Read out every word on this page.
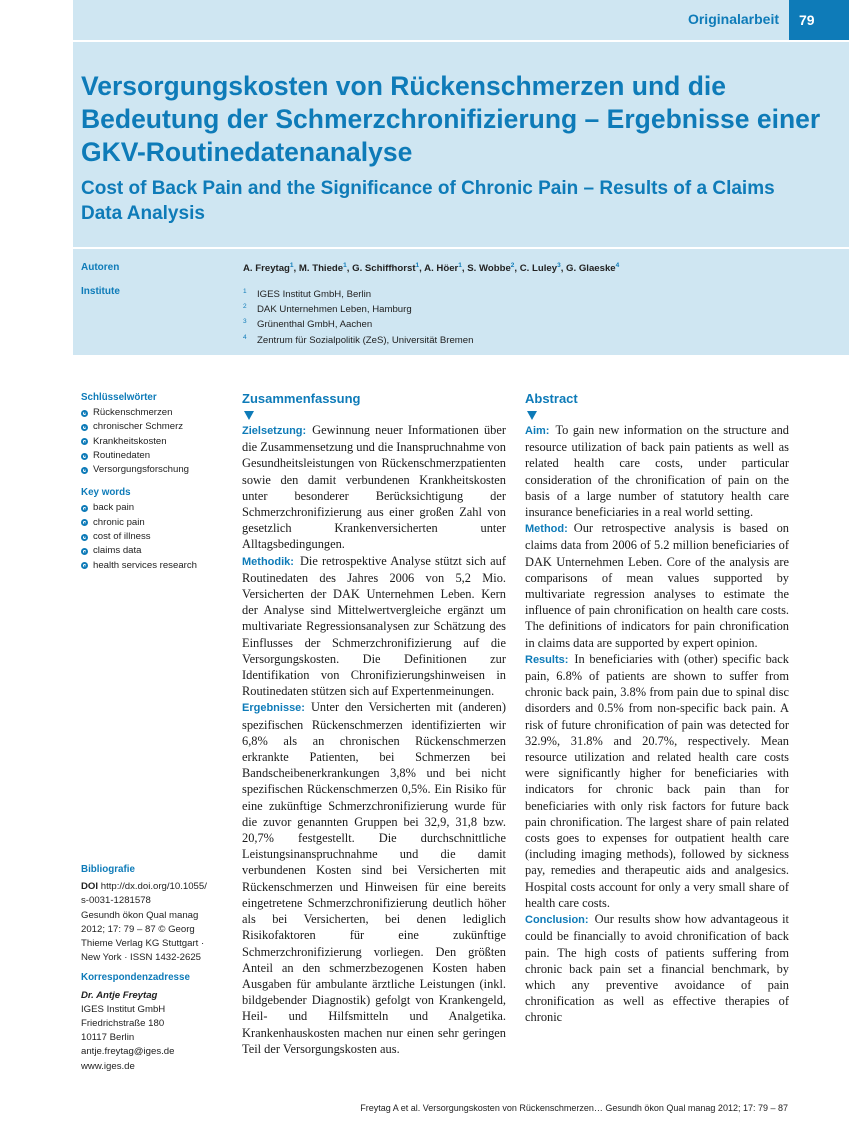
Originalarbeit	79
Versorgungskosten von Rückenschmerzen und die Bedeutung der Schmerzchronifizierung – Ergebnisse einer GKV-Routinedatenanalyse
Cost of Back Pain and the Significance of Chronic Pain – Results of a Claims Data Analysis
Autoren	A. Freytag$^1$, M. Thiede$^1$, G. Schiffhorst$^1$, A. Höer$^1$, S. Wobbe$^2$, C. Luley$^3$, G. Glaeske$^4$
Institute	$^1$ IGES Institut GmbH, Berlin
$^2$ DAK Unternehmen Leben, Hamburg
$^3$ Grünenthal GmbH, Aachen
$^4$ Zentrum für Sozialpolitik (ZeS), Universität Bremen
Schlüsselwörter
Rückenschmerzen
chronischer Schmerz
Krankheitskosten
Routinedaten
Versorgungsforschung
Key words
back pain
chronic pain
cost of illness
claims data
health services research
Bibliografie

DOI http://dx.doi.org/10.1055/

s-0031-1281578

Gesundh ökon Qual manag

2012; 17: 79 – 87 © Georg

Thieme Verlag KG Stuttgart ·

New York · ISSN 1432-2625

Korrespondenzadresse

Dr. Antje Freytag

IGES Institut GmbH

Friedrichstraße 180

10117 Berlin

antje.freytag@iges.de

www.iges.de

Zusammenfassung

Zielsetzung: Gewinnung neuer Informationen über die Zusammensetzung und die Inanspruchnahme von Gesundheitsleistungen von Rückenschmerzpatienten sowie den damit verbundenen Krankheitskosten unter besonderer Berücksichtigung der Schmerzchronifizierung aus einer großen Zahl von gesetzlich Krankenversicherten unter Alltagsbedingungen.

Methodik: Die retrospektive Analyse stützt sich auf Routinedaten des Jahres 2006 von 5,2 Mio. Versicherten der DAK Unternehmen Leben. Kern der Analyse sind Mittelwertvergleiche ergänzt um multivariate Regressionsanalysen zur Schätzung des Einflusses der Schmerzchronifizierung auf die Versorgungskosten. Die Definitionen zur Identifikation von Chronifizierungshinweisen in Routinedaten stützen sich auf Expertenmeinungen.

Ergebnisse: Unter den Versicherten mit (anderen) spezifischen Rückenschmerzen identifizierten wir 6,8% als an chronischen Rückenschmerzen erkrankte Patienten, bei Schmerzen bei Bandscheibenerkrankungen 3,8% und bei nicht spezifischen Rückenschmerzen 0,5%. Ein Risiko für eine zukünftige Schmerzchronifizierung wurde für die zuvor genannten Gruppen bei 32,9, 31,8 bzw. 20,7% festgestellt. Die durchschnittliche Leistungsinanspruchnahme und die damit verbundenen Kosten sind bei Versicherten mit Rückenschmerzen und Hinweisen für eine bereits eingetretene Schmerzchronifizierung deutlich höher als bei Versicherten, bei denen lediglich Risikofaktoren für eine zukünftige Schmerzchronifizierung vorliegen. Den größten Anteil an den schmerzbezogenen Kosten haben Ausgaben für ambulante ärztliche Leistungen (inkl. bildgebender Diagnostik) gefolgt von Krankengeld, Heil- und Hilfsmitteln und Analgetika. Krankenhauskosten machen nur einen sehr geringen Teil der Versorgungskosten aus.

Abstract

Aim: To gain new information on the structure and resource utilization of back pain patients as well as related health care costs, under particular consideration of the chronification of pain on the basis of a large number of statutory health care insurance beneficiaries in a real world setting.

Method: Our retrospective analysis is based on claims data from 2006 of 5.2 million beneficiaries of DAK Unternehmen Leben. Core of the analysis are comparisons of mean values supported by multivariate regression analyses to estimate the influence of pain chronification on health care costs. The definitions of indicators for pain chronification in claims data are supported by expert opinion.

Results: In beneficiaries with (other) specific back pain, 6.8% of patients are shown to suffer from chronic back pain, 3.8% from pain due to spinal disc disorders and 0.5% from non-specific back pain. A risk of future chronification of pain was detected for 32.9%, 31.8% and 20.7%, respectively. Mean resource utilization and related health care costs were significantly higher for beneficiaries with indicators for chronic back pain than for beneficiaries with only risk factors for future back pain chronification. The largest share of pain related costs goes to expenses for outpatient health care (including imaging methods), followed by sickness pay, remedies and therapeutic aids and analgesics. Hospital costs account for only a very small share of health care costs.

Conclusion: Our results show how advantageous it could be financially to avoid chronification of back pain. The high costs of patients suffering from chronic back pain set a financial benchmark, by which any preventive avoidance of pain chronification as well as effective therapies of chronic

Freytag A et al. Versorgungskosten von Rückenschmerzen… Gesundh ökon Qual manag 2012; 17: 79 – 87
